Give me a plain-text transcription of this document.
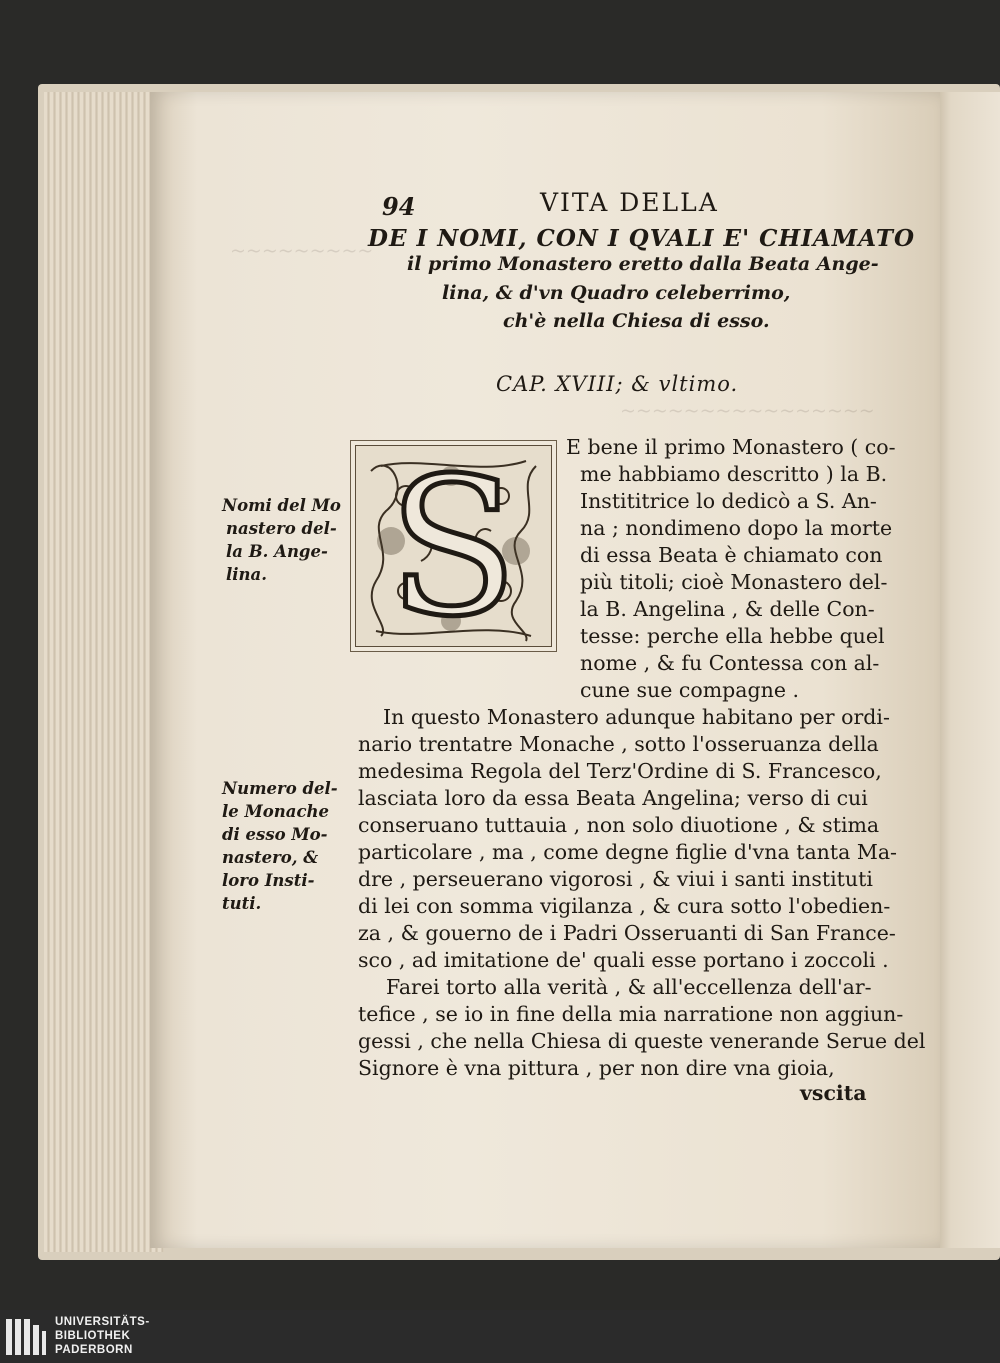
~~~~~~~~~
~~~~~~~~~~~~~~~~

94	VITA DELLA

DE I NOMI, CON I QVALI E' CHIAMATO

il primo Monastero eretto dalla Beata Ange-

lina, & d'vn Quadro celeberrimo,

ch'è nella Chiesa di esso.

CAP. XVIII; & vltimo.

S E bene il primo Monastero ( co-

me habbiamo descritto ) la B.

Instititrice lo dedicò a S. An-

na ; nondimeno dopo la morte

di essa Beata è chiamato con

più titoli; cioè Monastero del-

la B. Angelina , & delle Con-

tesse: perche ella hebbe quel

nome , & fu Contessa con al-

cune sue compagne .

In questo Monastero adunque habitano per ordi-

nario trentatre Monache , sotto l'osseruanza della

medesima Regola del Terz'Ordine di S. Francesco,

lasciata loro da essa Beata Angelina; verso di cui

conseruano tuttauia , non solo diuotione , & stima

particolare , ma , come degne figlie d'vna tanta Ma-

dre , perseuerano vigorosi , & viui i santi instituti

di lei con somma vigilanza , & cura sotto l'obedien-

za , & gouerno de i Padri Osseruanti di San France-

sco , ad imitatione de' quali esse portano i zoccoli .

Farei torto alla verità , & all'eccellenza dell'ar-

tefice , se io in fine della mia narratione non aggiun-

gessi , che nella Chiesa di queste venerande Serue del

Signore è vna pittura , per non dire vna gioia,

vscita

Nomi del Mo

nastero del-

la B. Ange-

lina.

Numero del-

le Monache

di esso Mo-

nastero, &

loro Insti-

tuti.

UNIVERSITÄTS-

BIBLIOTHEK

PADERBORN
